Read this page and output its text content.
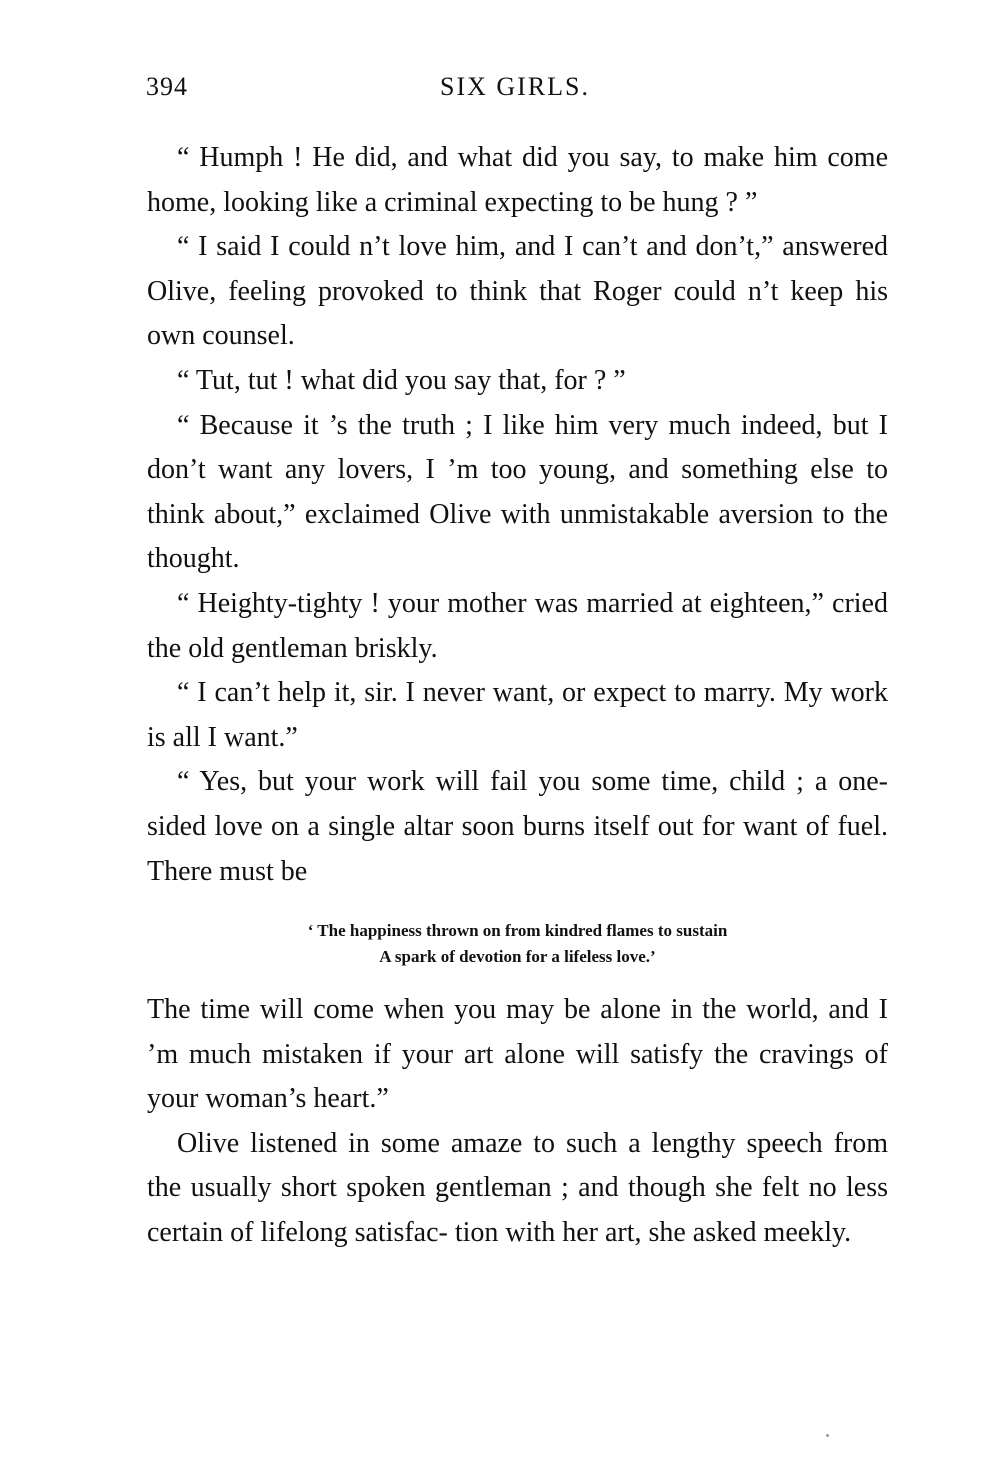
394	SIX GIRLS.

“ Humph ! He did, and what did you say, to make him come home, looking like a criminal expecting to be hung ? ”

“ I said I could n’t love him, and I can’t and don’t,” answered Olive, feeling provoked to think that Roger could n’t keep his own counsel.

“ Tut, tut ! what did you say that, for ? ”

“ Because it ’s the truth ; I like him very much indeed, but I don’t want any lovers, I ’m too young, and something else to think about,” exclaimed Olive with unmistakable aversion to the thought.

“ Heighty-tighty ! your mother was married at eighteen,” cried the old gentleman briskly.

“ I can’t help it, sir. I never want, or expect to marry. My work is all I want.”

“ Yes, but your work will fail you some time, child ; a one-sided love on a single altar soon burns itself out for want of fuel. There must be

‘ The happiness thrown on from kindred flames to sustain
A spark of devotion for a lifeless love.’

The time will come when you may be alone in the world, and I ’m much mistaken if your art alone will satisfy the cravings of your woman’s heart.”

Olive listened in some amaze to such a lengthy speech from the usually short spoken gentleman ; and though she felt no less certain of lifelong satisfac- tion with her art, she asked meekly.
